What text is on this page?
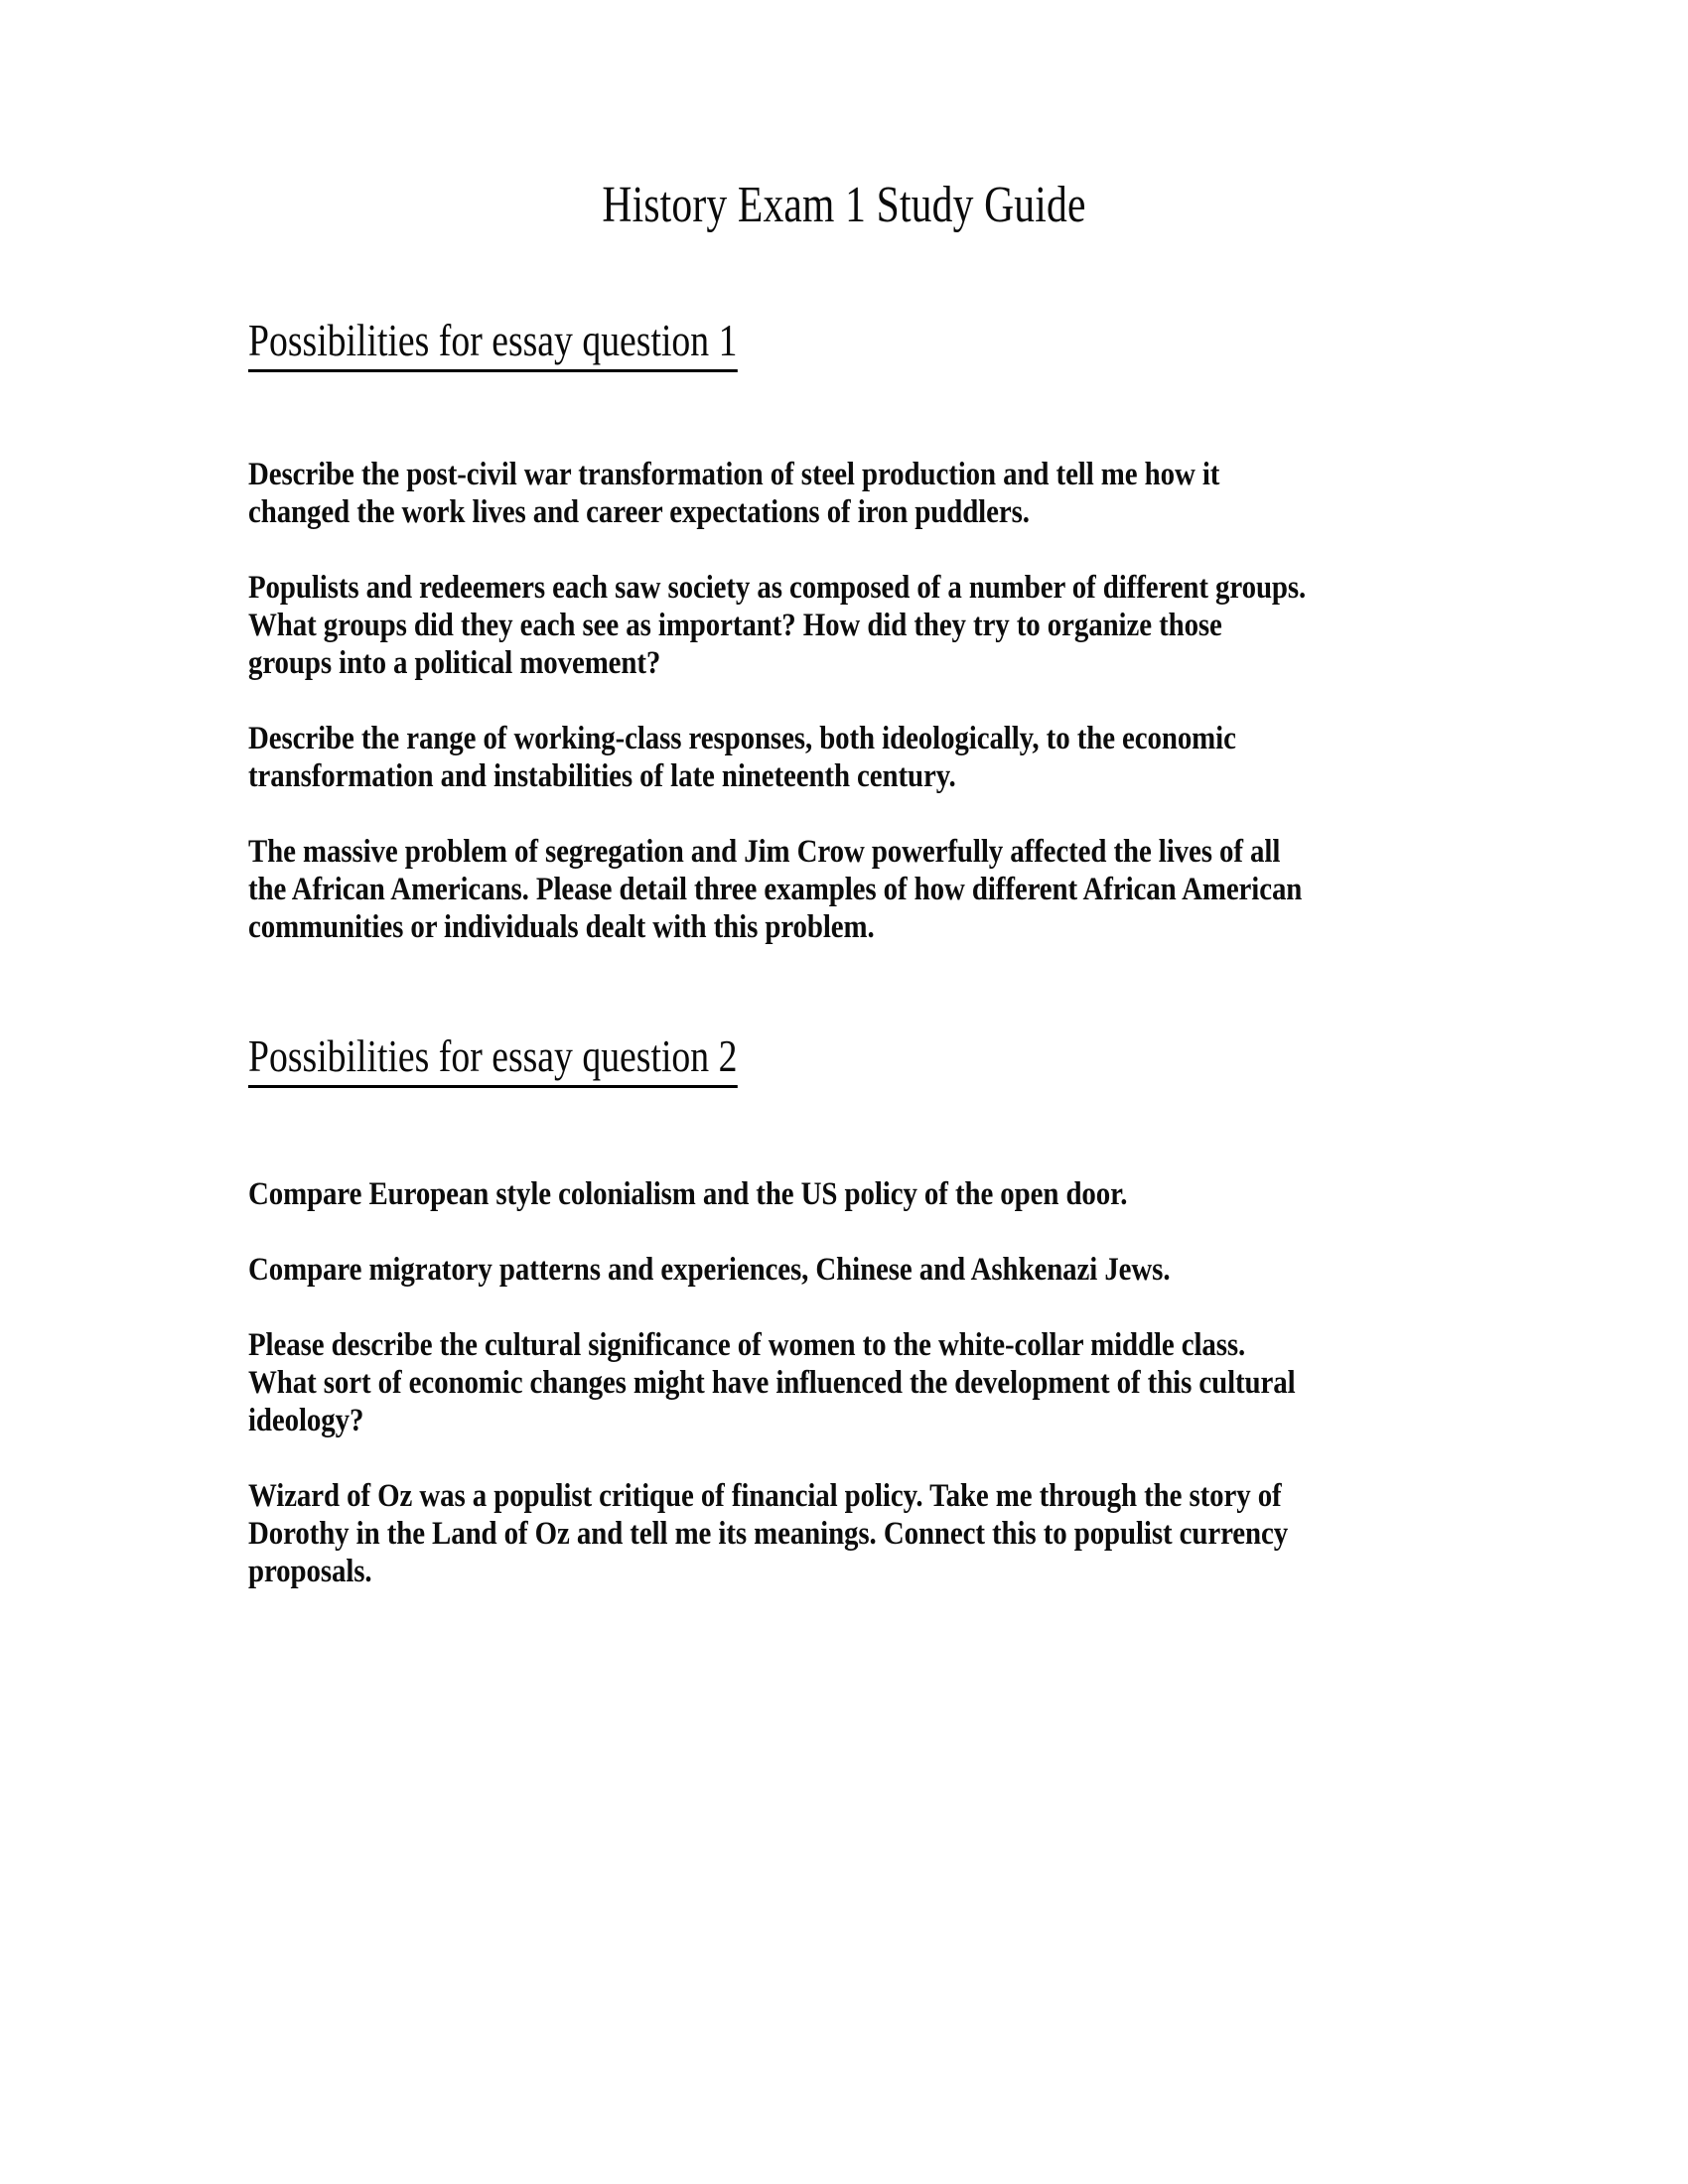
History Exam 1 Study Guide
Possibilities for essay question 1

Describe the post-civil war transformation of steel production and tell me how it changed the work lives and career expectations of iron puddlers.

Populists and redeemers each saw society as composed of a number of different groups. What groups did they each see as important? How did they try to organize those groups into a political movement?

Describe the range of working-class responses, both ideologically, to the economic transformation and instabilities of late nineteenth century.

The massive problem of segregation and Jim Crow powerfully affected the lives of all the African Americans. Please detail three examples of how different African American communities or individuals dealt with this problem.

Possibilities for essay question 2

Compare European style colonialism and the US policy of the open door.

Compare migratory patterns and experiences, Chinese and Ashkenazi Jews.

Please describe the cultural significance of women to the white-collar middle class. What sort of economic changes might have influenced the development of this cultural ideology?

Wizard of Oz was a populist critique of financial policy. Take me through the story of Dorothy in the Land of Oz and tell me its meanings. Connect this to populist currency proposals.
